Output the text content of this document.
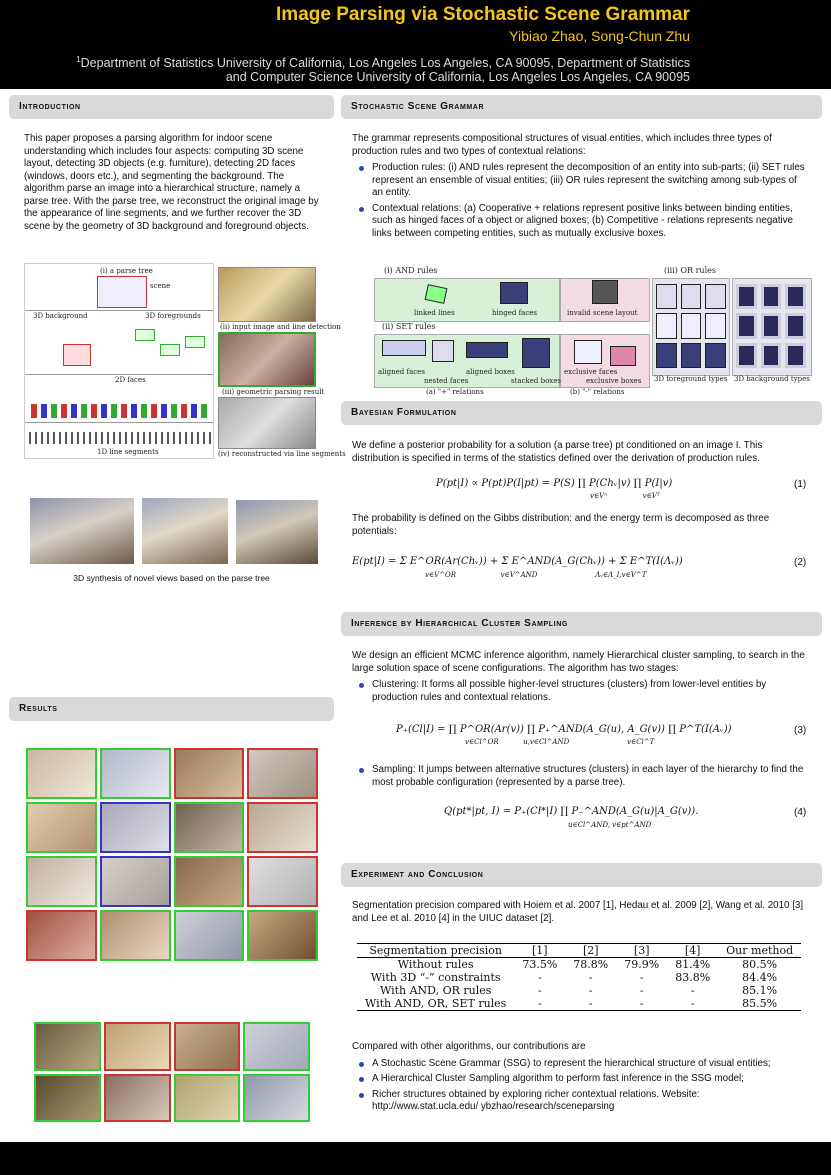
Image Parsing via Stochastic Scene Grammar
Yibiao Zhao, Song-Chun Zhu
$^1$Department of Statistics University of California, Los Angeles Los Angeles, CA 90095, Department of Statistics and Computer Science University of California, Los Angeles Los Angeles, CA 90095
Introduction
This paper proposes a parsing algorithm for indoor scene understanding which includes four aspects: computing 3D scene layout, detecting 3D objects (e.g. furniture), detecting 2D faces (windows, doors etc.), and segmenting the background. The algorithm parse an image into a hierarchical structure, namely a parse tree. With the parse tree, we reconstruct the original image by the appearance of line segments, and we further recover the 3D scene by the geometry of 3D background and foreground objects.
(i) a parse tree
scene
3D background	3D foregrounds
2D faces
1D line segments
(ii) input image and line detection
(iii) geometric parsing result
(iv) reconstructed via line segments
3D synthesis of novel views based on the parse tree
Results
Stochastic Scene Grammar
The grammar represents compositional structures of visual entities, which includes three types of production rules and two types of contextual relations:
Production rules: (i) AND rules represent the decomposition of an entity into sub-parts; (ii) SET rules represent an ensemble of visual entities; (iii) OR rules represent the switching among sub-types of an entity.
Contextual relations: (a) Cooperative + relations represent positive links between binding entities, such as hinged faces of a object or aligned boxes; (b) Competitive - relations represents negative links between competing entities, such as mutually exclusive boxes.
(i) AND rules	(iii) OR rules
linked lines	hinged faces	invalid scene layout
(ii) SET rules
aligned faces
nested faces
aligned boxes
stacked boxes
exclusive faces
exclusive boxes
(a) "+" relations	(b) "-" relations
3D foreground types 3D background types
Bayesian Formulation
We define a posterior probability for a solution (a parse tree) pt conditioned on an image I. This distribution is specified in terms of the statistics defined over the derivation of production rules.
P(pt|I) ∝ P(pt)P(I|pt) = P(S) ∏ P(Chᵥ|v) ∏ P(I|v)
v∈Vⁿ                v∈Vᵀ
(1)
The probability is defined on the Gibbs distribution: and the energy term is decomposed as three potentials:
E(pt|I) = Σ E^OR(Ar(Chᵥ)) + Σ E^AND(A_G(Chᵥ)) + Σ E^T(I(Λᵥ))
v∈V^OR                    v∈V^AND                          Λᵥ∈Λ_I,v∈V^T
(2)
Inference by Hierarchical Cluster Sampling
We design an efficient MCMC inference algorithm, namely Hierarchical cluster sampling, to search in the large solution space of scene configurations. The algorithm has two stages:
Clustering: It forms all possible higher-level structures (clusters) from lower-level entities by production rules and contextual relations.
P₊(Cl|I) = ∏ P^OR(Ar(v)) ∏ P₊^AND(A_G(u), A_G(v)) ∏ P^T(I(Aᵥ))
v∈Cl^OR           u,v∈Cl^AND                          v∈Cl^T
(3)
Sampling: It jumps between alternative structures (clusters) in each layer of the hierarchy to find the most probable configuration (represented by a parse tree).
Q(pt*|pt, I) = P₊(Cl*|I) ∏ P₋^AND(A_G(u)|A_G(v)).
u∈Cl^AND, v∈pt^AND
(4)
Experiment and Conclusion
Segmentation precision compared with Hoiem et al. 2007 [1], Hedau et al. 2009 [2], Wang et al. 2010 [3] and Lee et al. 2010 [4] in the UIUC dataset [2].
Segmentation precision	[1]	[2]	[3]	[4]	Our method
Without rules	73.5%	78.8%	79.9%	81.4%	80.5%
With 3D “-” constraints	-	-	-	83.8%	84.4%
With AND, OR rules	-	-	-	-	85.1%
With AND, OR, SET rules	-	-	-	-	85.5%
Compared with other algorithms, our contributions are
A Stochastic Scene Grammar (SSG) to represent the hierarchical structure of visual entities;
A Hierarchical Cluster Sampling algorithm to perform fast inference in the SSG model;
Richer structures obtained by exploring richer contextual relations. Website: http://www.stat.ucla.edu/ ybzhao/research/sceneparsing
